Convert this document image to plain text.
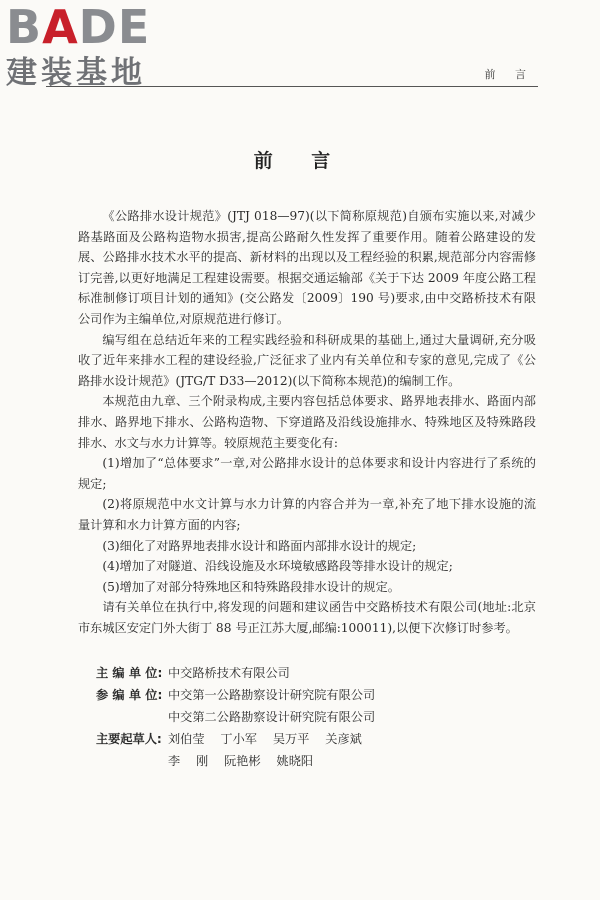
BADE
建装基地	前 言
前 言

《公路排水设计规范》(JTJ 018—97)(以下简称原规范)自颁布实施以来,对减少路基路面及公路构造物水损害,提高公路耐久性发挥了重要作用。随着公路建设的发展、公路排水技术水平的提高、新材料的出现以及工程经验的积累,规范部分内容需修订完善,以更好地满足工程建设需要。根据交通运输部《关于下达 2009 年度公路工程标准制修订项目计划的通知》(交公路发〔2009〕190 号)要求,由中交路桥技术有限公司作为主编单位,对原规范进行修订。

编写组在总结近年来的工程实践经验和科研成果的基础上,通过大量调研,充分吸收了近年来排水工程的建设经验,广泛征求了业内有关单位和专家的意见,完成了《公路排水设计规范》(JTG/T D33—2012)(以下简称本规范)的编制工作。

本规范由九章、三个附录构成,主要内容包括总体要求、路界地表排水、路面内部排水、路界地下排水、公路构造物、下穿道路及沿线设施排水、特殊地区及特殊路段排水、水文与水力计算等。较原规范主要变化有:

(1)增加了“总体要求”一章,对公路排水设计的总体要求和设计内容进行了系统的规定;

(2)将原规范中水文计算与水力计算的内容合并为一章,补充了地下排水设施的流量计算和水力计算方面的内容;

(3)细化了对路界地表排水设计和路面内部排水设计的规定;

(4)增加了对隧道、沿线设施及水环境敏感路段等排水设计的规定;

(5)增加了对部分特殊地区和特殊路段排水设计的规定。

请有关单位在执行中,将发现的问题和建议函告中交路桥技术有限公司(地址:北京市东城区安定门外大街丁 88 号正江苏大厦,邮编:100011),以便下次修订时参考。

主 编 单 位: 中交路桥技术有限公司
参 编 单 位: 中交第一公路勘察设计研究院有限公司
中交第二公路勘察设计研究院有限公司
主要起草人: 刘伯莹 丁小军 吴万平 关彦斌
李 刚 阮艳彬 姚晓阳
